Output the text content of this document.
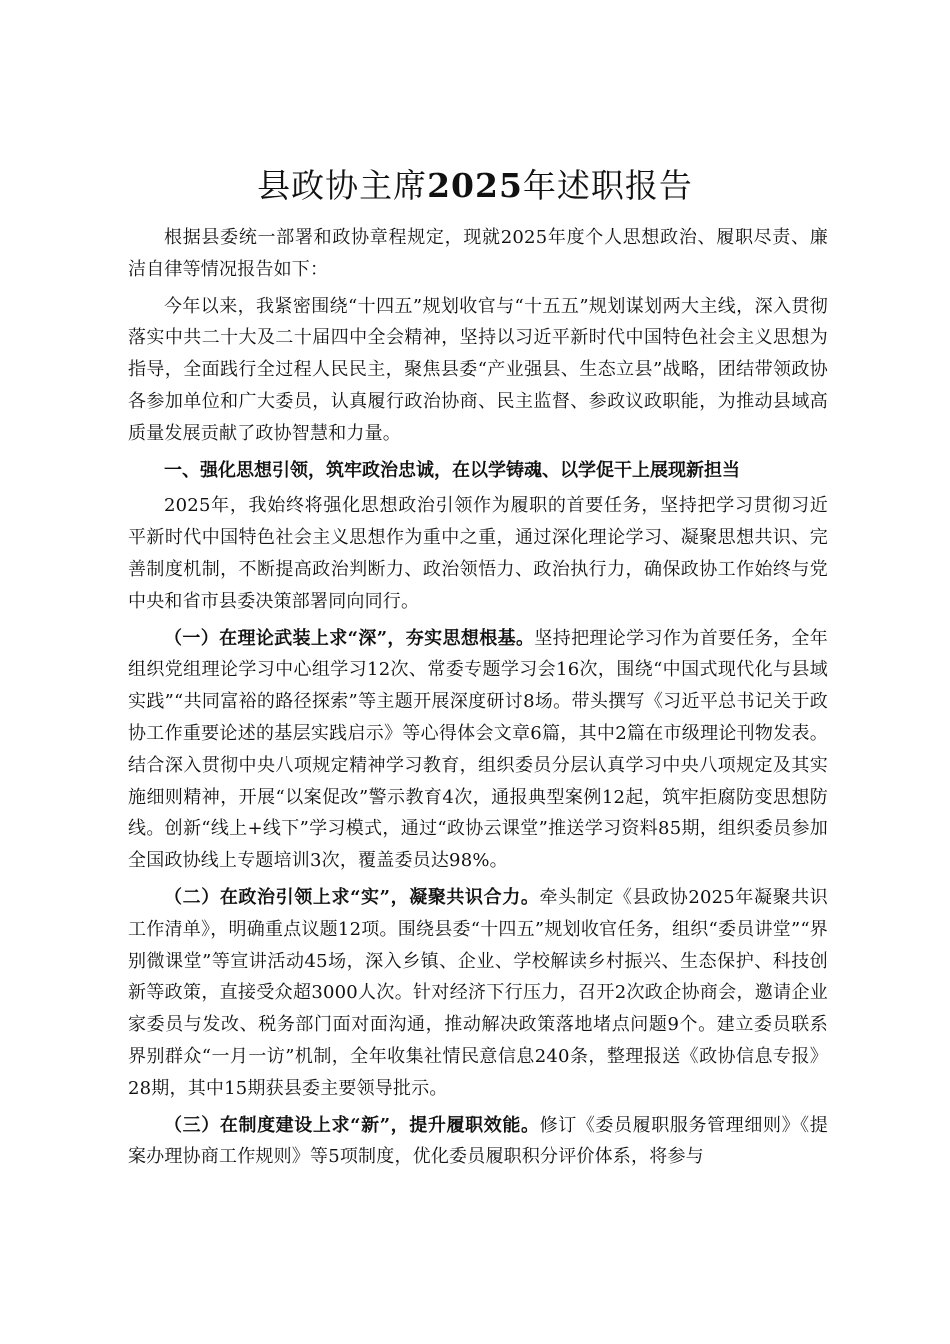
县政协主席2025年述职报告

根据县委统一部署和政协章程规定，现就2025年度个人思想政治、履职尽责、廉洁自律等情况报告如下：

今年以来，我紧密围绕“十四五”规划收官与“十五五”规划谋划两大主线，深入贯彻落实中共二十大及二十届四中全会精神，坚持以习近平新时代中国特色社会主义思想为指导，全面践行全过程人民民主，聚焦县委“产业强县、生态立县”战略，团结带领政协各参加单位和广大委员，认真履行政治协商、民主监督、参政议政职能，为推动县域高质量发展贡献了政协智慧和力量。

一、强化思想引领，筑牢政治忠诚，在以学铸魂、以学促干上展现新担当

2025年，我始终将强化思想政治引领作为履职的首要任务，坚持把学习贯彻习近平新时代中国特色社会主义思想作为重中之重，通过深化理论学习、凝聚思想共识、完善制度机制，不断提高政治判断力、政治领悟力、政治执行力，确保政协工作始终与党中央和省市县委决策部署同向同行。

（一）在理论武装上求“深”，夯实思想根基。坚持把理论学习作为首要任务，全年组织党组理论学习中心组学习12次、常委专题学习会16次，围绕“中国式现代化与县域实践”“共同富裕的路径探索”等主题开展深度研讨8场。带头撰写《习近平总书记关于政协工作重要论述的基层实践启示》等心得体会文章6篇，其中2篇在市级理论刊物发表。结合深入贯彻中央八项规定精神学习教育，组织委员分层认真学习中央八项规定及其实施细则精神，开展“以案促改”警示教育4次，通报典型案例12起，筑牢拒腐防变思想防线。创新“线上+线下”学习模式，通过“政协云课堂”推送学习资料85期，组织委员参加全国政协线上专题培训3次，覆盖委员达98%。

（二）在政治引领上求“实”，凝聚共识合力。牵头制定《县政协2025年凝聚共识工作清单》，明确重点议题12项。围绕县委“十四五”规划收官任务，组织“委员讲堂”“界别微课堂”等宣讲活动45场，深入乡镇、企业、学校解读乡村振兴、生态保护、科技创新等政策，直接受众超3000人次。针对经济下行压力，召开2次政企协商会，邀请企业家委员与发改、税务部门面对面沟通，推动解决政策落地堵点问题9个。建立委员联系界别群众“一月一访”机制，全年收集社情民意信息240条，整理报送《政协信息专报》28期，其中15期获县委主要领导批示。

（三）在制度建设上求“新”，提升履职效能。修订《委员履职服务管理细则》《提案办理协商工作规则》等5项制度，优化委员履职积分评价体系，将参与
